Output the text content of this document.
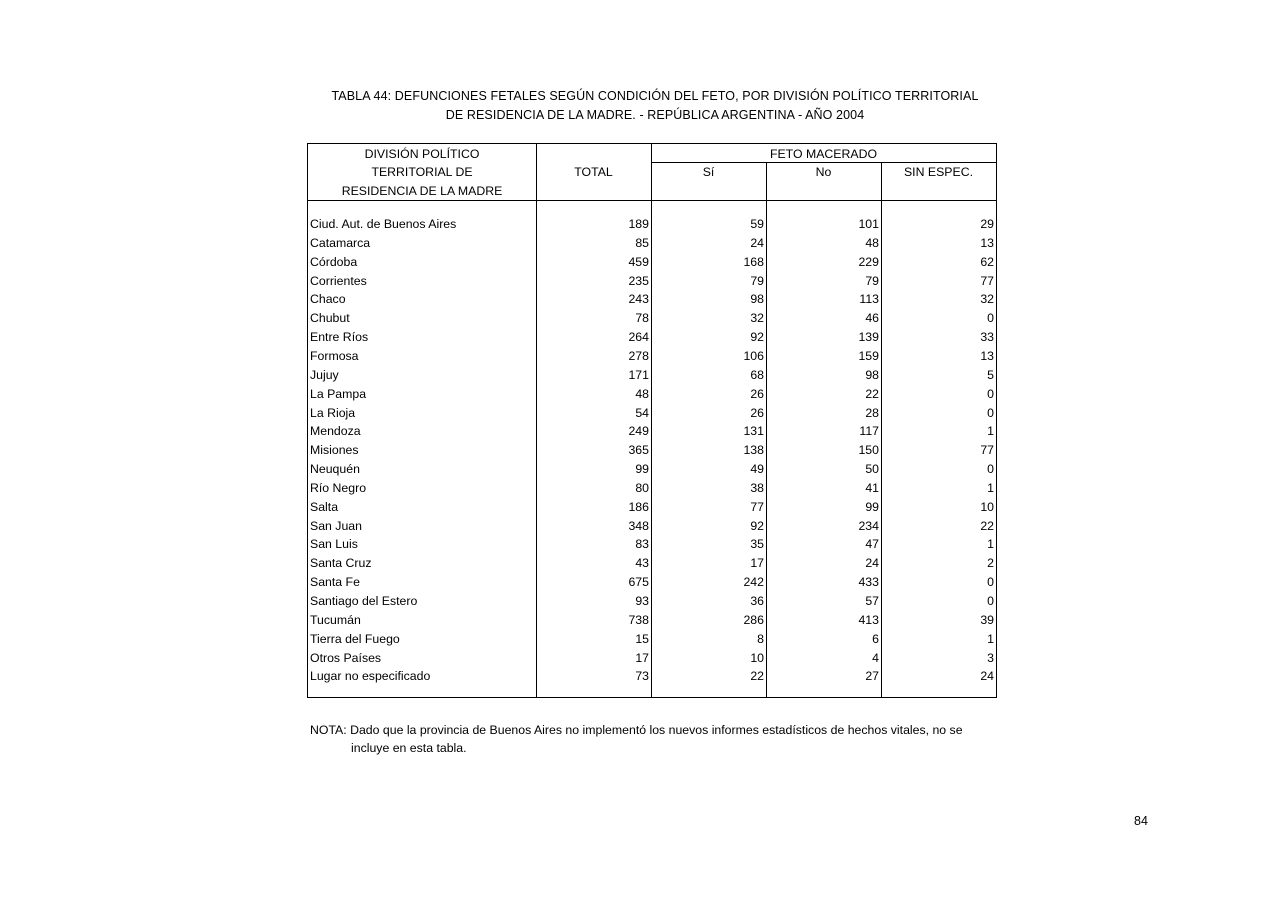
TABLA 44: DEFUNCIONES FETALES SEGÚN CONDICIÓN DEL FETO, POR DIVISIÓN POLÍTICO TERRITORIAL
DE RESIDENCIA DE LA MADRE. - REPÚBLICA ARGENTINA - AÑO 2004
DIVISIÓN POLÍTICO
TERRITORIAL DE
RESIDENCIA DE LA MADRE
TOTAL
FETO MACERADO
Sí	No	SIN ESPEC.
Ciud. Aut. de Buenos Aires	189	59	101	29
Catamarca	85	24	48	13
Córdoba	459	168	229	62
Corrientes	235	79	79	77
Chaco	243	98	113	32
Chubut	78	32	46	0
Entre Ríos	264	92	139	33
Formosa	278	106	159	13
Jujuy	171	68	98	5
La Pampa	48	26	22	0
La Rioja	54	26	28	0
Mendoza	249	131	117	1
Misiones	365	138	150	77
Neuquén	99	49	50	0
Río Negro	80	38	41	1
Salta	186	77	99	10
San Juan	348	92	234	22
San Luis	83	35	47	1
Santa Cruz	43	17	24	2
Santa Fe	675	242	433	0
Santiago del Estero	93	36	57	0
Tucumán	738	286	413	39
Tierra del Fuego	15	8	6	1
Otros Países	17	10	4	3
Lugar no especificado	73	22	27	24
NOTA: Dado que la provincia de Buenos Aires no implementó los nuevos informes estadísticos de hechos vitales, no se
incluye en esta tabla.
84
